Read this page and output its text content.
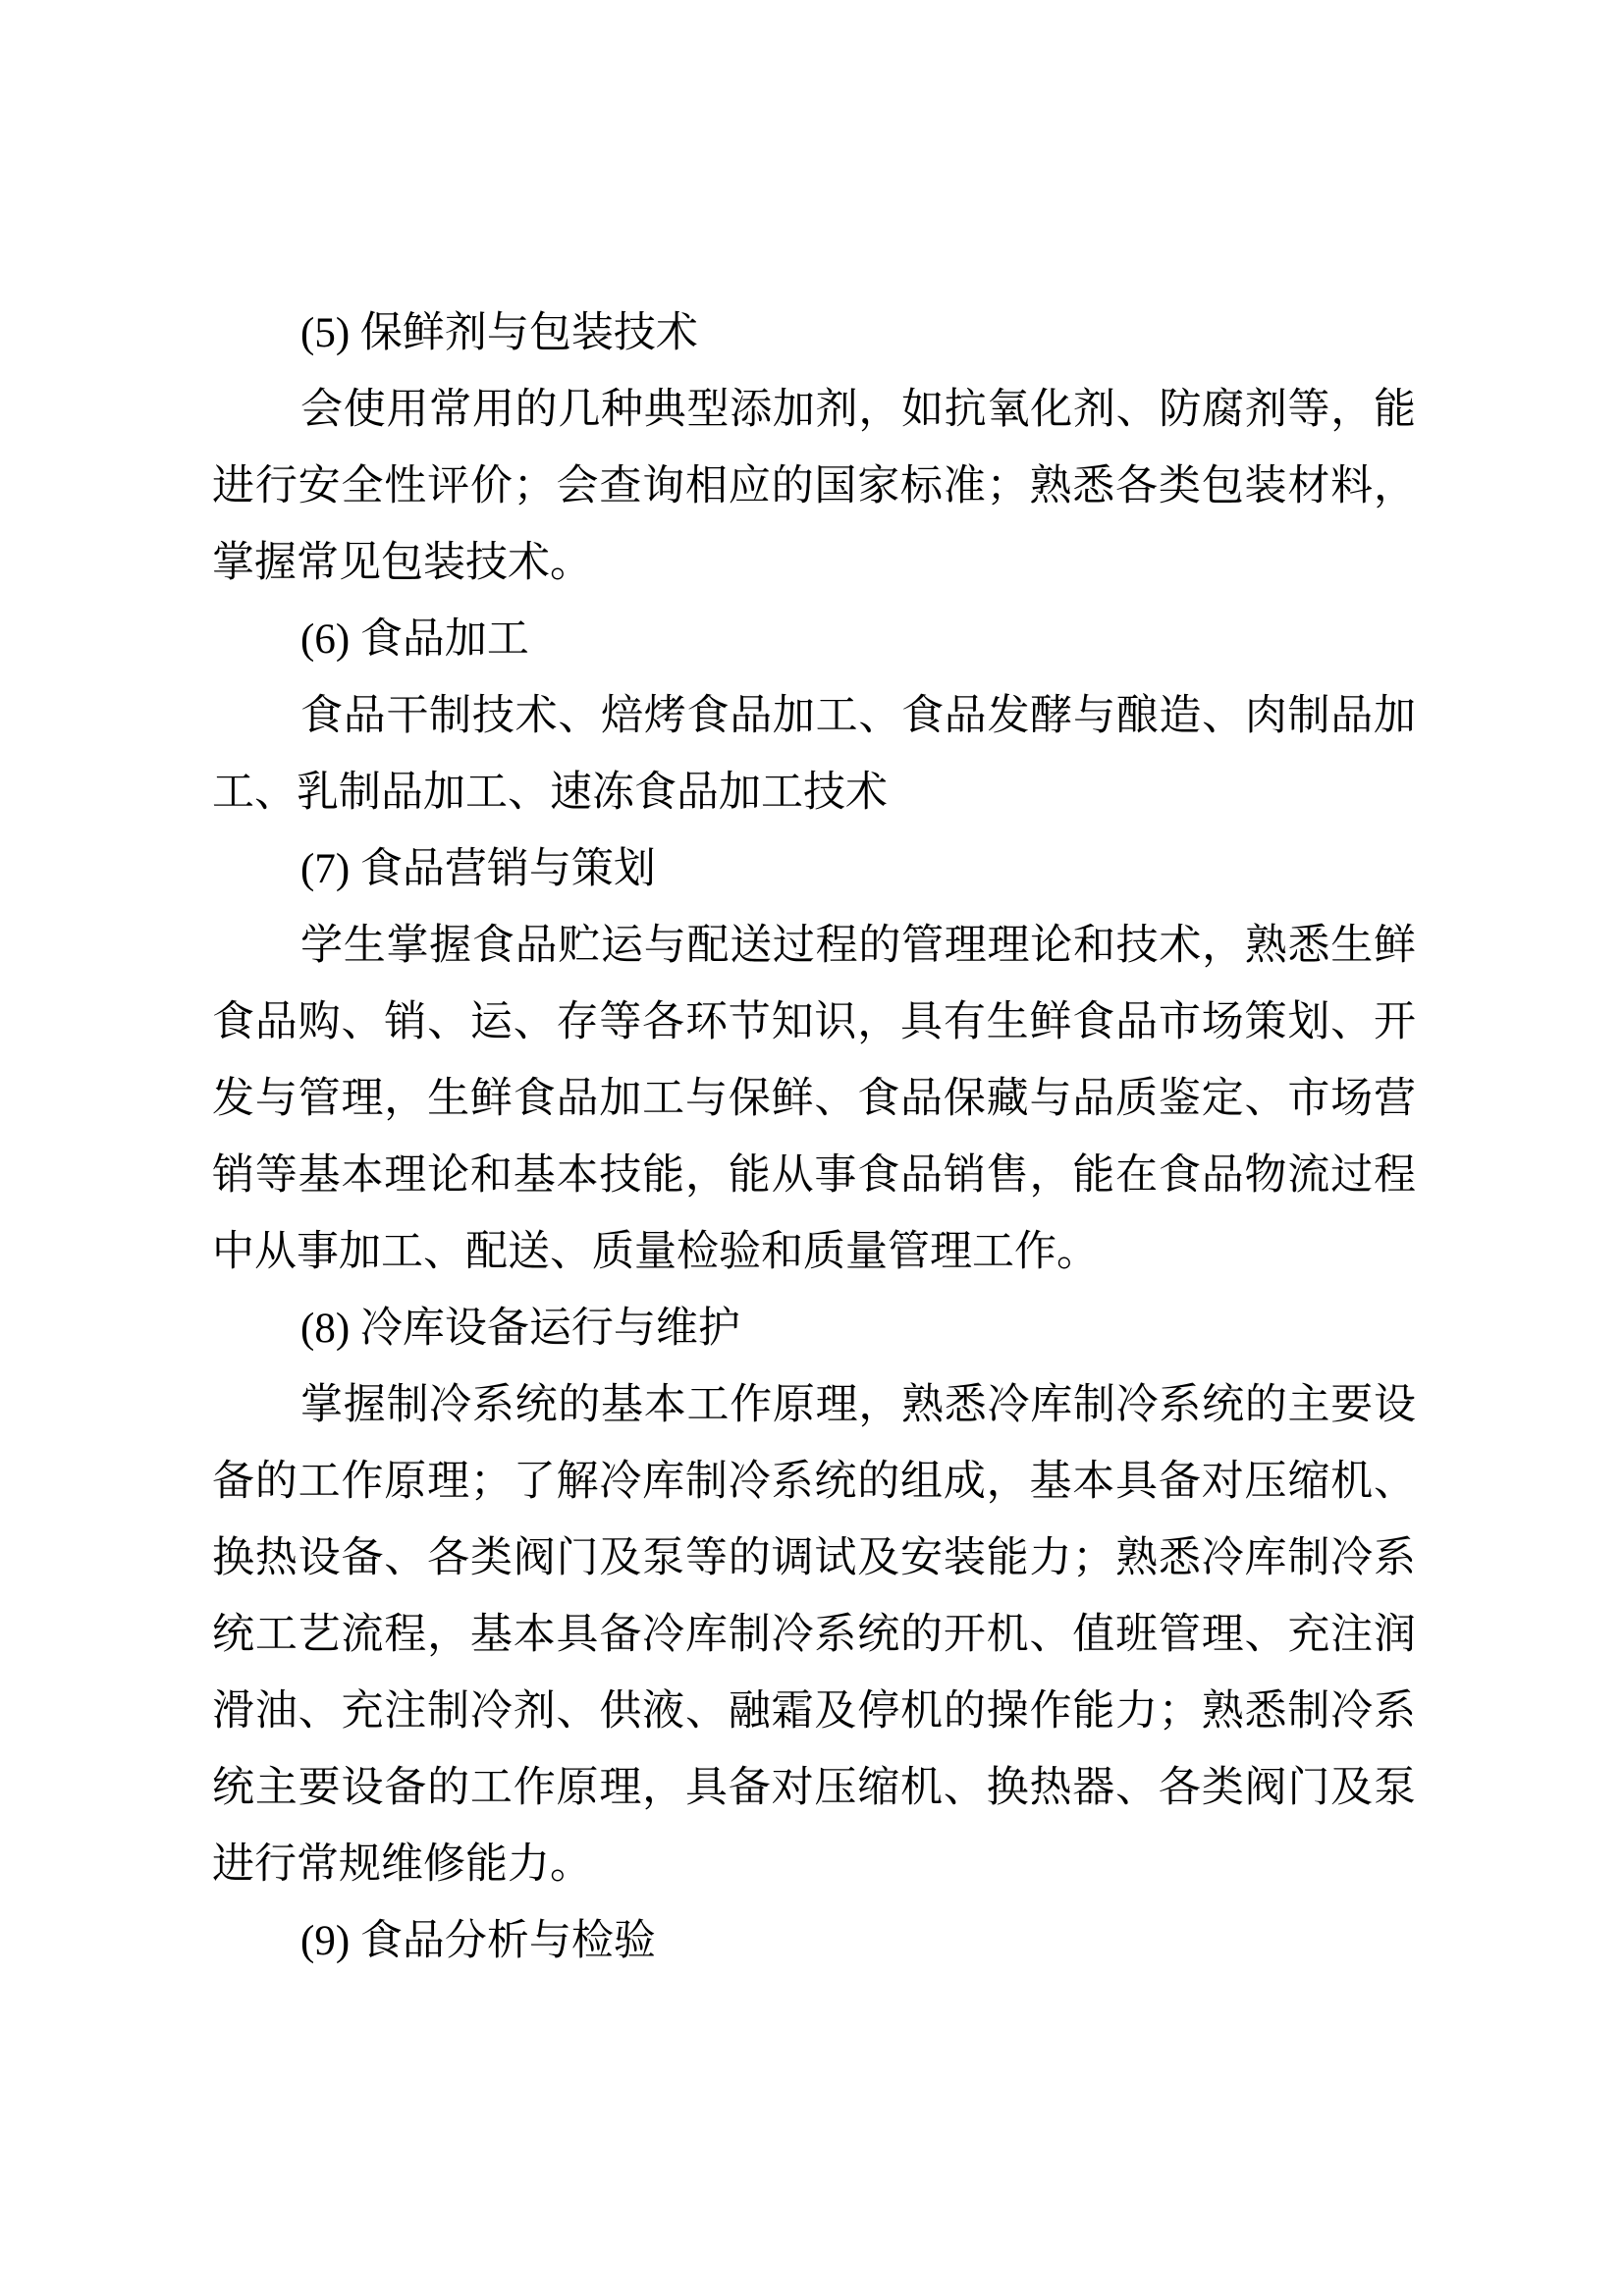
(5) 保鲜剂与包装技术
会使用常用的几种典型添加剂，如抗氧化剂、防腐剂等，能
进行安全性评价；会查询相应的国家标准；熟悉各类包装材料，
掌握常见包装技术。
(6) 食品加工
食品干制技术、焙烤食品加工、食品发酵与酿造、肉制品加
工、乳制品加工、速冻食品加工技术
(7) 食品营销与策划
学生掌握食品贮运与配送过程的管理理论和技术，熟悉生鲜
食品购、销、运、存等各环节知识，具有生鲜食品市场策划、开
发与管理，生鲜食品加工与保鲜、食品保藏与品质鉴定、市场营
销等基本理论和基本技能，能从事食品销售，能在食品物流过程
中从事加工、配送、质量检验和质量管理工作。
(8) 冷库设备运行与维护
掌握制冷系统的基本工作原理，熟悉冷库制冷系统的主要设
备的工作原理；了解冷库制冷系统的组成，基本具备对压缩机、
换热设备、各类阀门及泵等的调试及安装能力；熟悉冷库制冷系
统工艺流程，基本具备冷库制冷系统的开机、值班管理、充注润
滑油、充注制冷剂、供液、融霜及停机的操作能力；熟悉制冷系
统主要设备的工作原理，具备对压缩机、换热器、各类阀门及泵
进行常规维修能力。
(9) 食品分析与检验
